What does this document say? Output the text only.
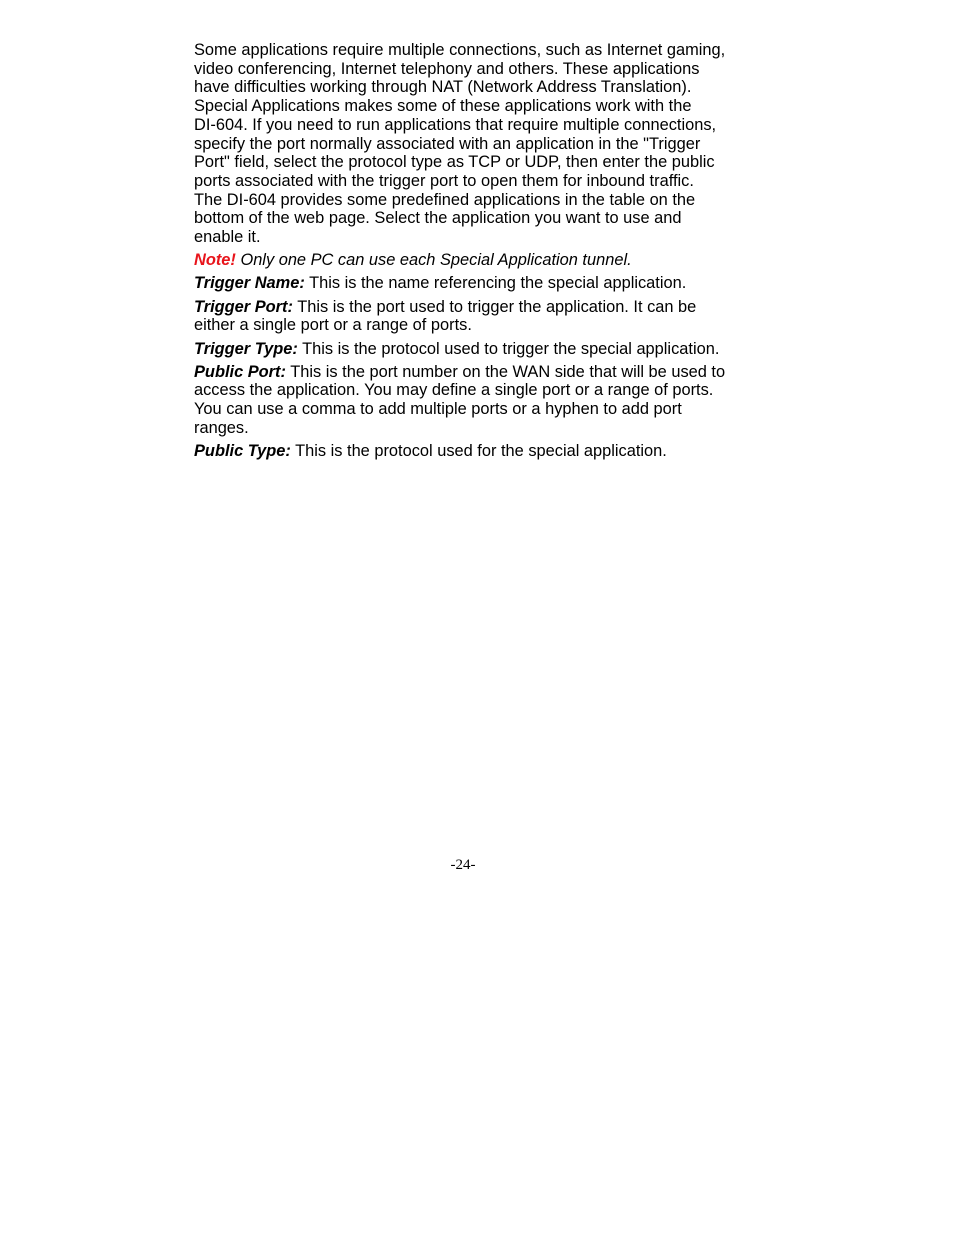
Some applications require multiple connections, such as Internet gaming,
video conferencing, Internet telephony and others. These applications
have difficulties working through NAT (Network Address Translation).
Special Applications makes some of these applications work with the
DI-604. If you need to run applications that require multiple connections,
specify the port normally associated with an application in the "Trigger
Port" field, select the protocol type as TCP or UDP, then enter the public
ports associated with the trigger port to open them for inbound traffic.
The DI-604 provides some predefined applications in the table on the
bottom of the web page. Select the application you want to use and
enable it.
Note! Only one PC can use each Special Application tunnel.
Trigger Name: This is the name referencing the special application.
Trigger Port: This is the port used to trigger the application. It can be
either a single port or a range of ports.
Trigger Type: This is the protocol used to trigger the special application.
Public Port: This is the port number on the WAN side that will be used to
access the application. You may define a single port or a range of ports.
You can use a comma to add multiple ports or a hyphen to add port
ranges.
Public Type: This is the protocol used for the special application.
-24-
